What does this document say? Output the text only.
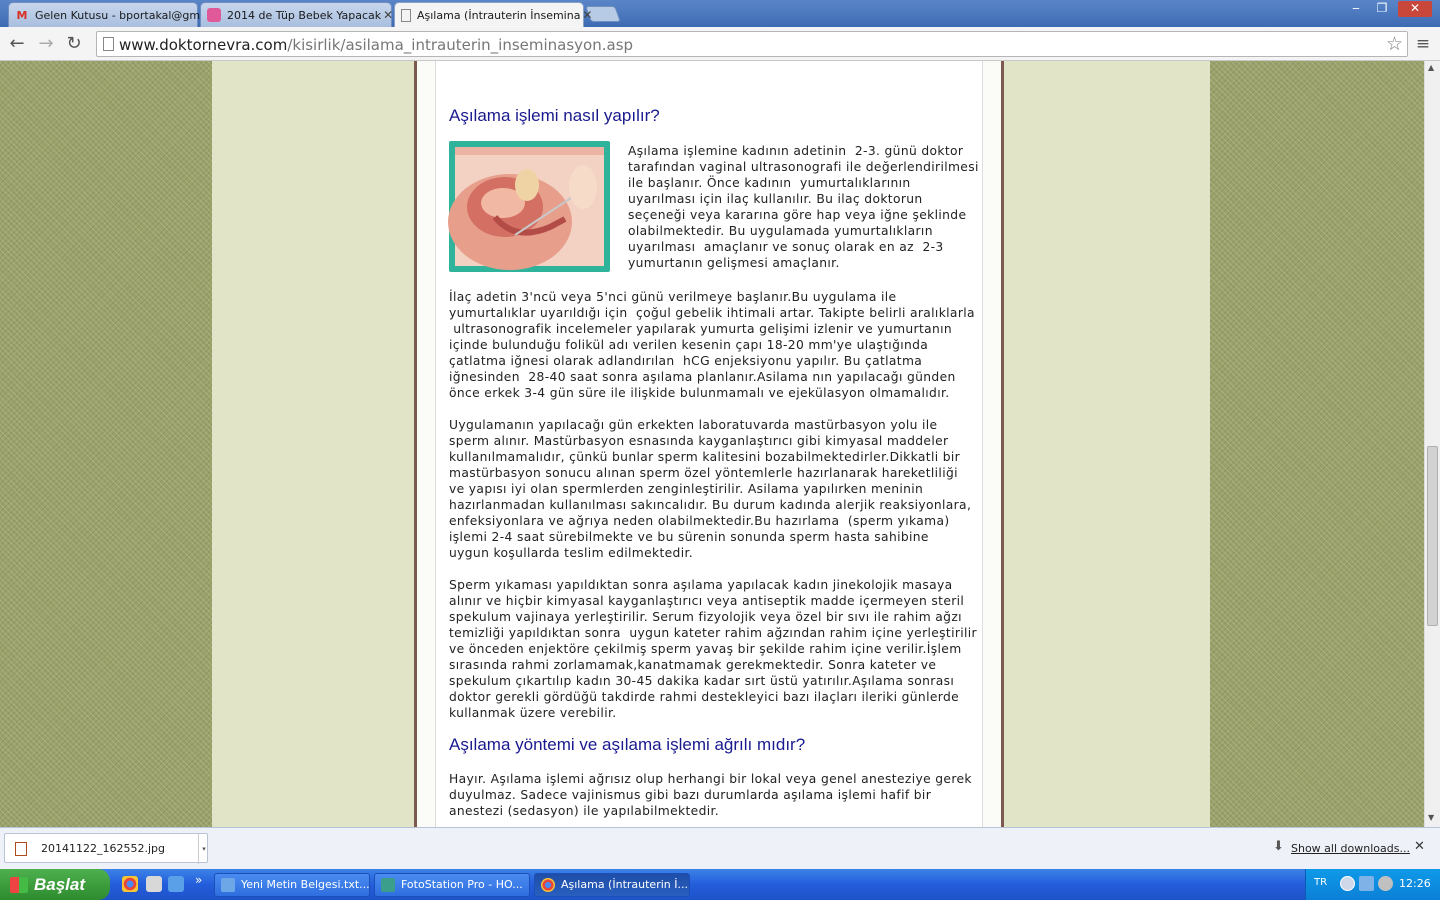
M Gelen Kutusu - bportakal@gm 2014 de Tüp Bebek Yapacak ✕ Aşılama (İntrauterin İnsemina ✕	‒	❐	✕
← → ↻ www.doktornevra.com/kisirlik/asilama_intrauterin_inseminasyon.asp	☆ ≡
Aşılama işlemi nasıl yapılır?
Aşılama işlemine kadının adetinin  2-3. günü doktor
tarafından vaginal ultrasonografi ile değerlendirilmesi
ile başlanır. Önce kadının  yumurtalıklarının
uyarılması için ilaç kullanılır. Bu ilaç doktorun
seçeneği veya kararına göre hap veya iğne şeklinde
olabilmektedir. Bu uygulamada yumurtalıkların
uyarılması  amaçlanır ve sonuç olarak en az  2-3
yumurtanın gelişmesi amaçlanır.
İlaç adetin 3'ncü veya 5'nci günü verilmeye başlanır.Bu uygulama ile
yumurtalıklar uyarıldığı için  çoğul gebelik ihtimali artar. Takipte belirli aralıklarla
ultrasonografik incelemeler yapılarak yumurta gelişimi izlenir ve yumurtanın
içinde bulunduğu folikül adı verilen kesenin çapı 18-20 mm'ye ulaştığında
çatlatma iğnesi olarak adlandırılan  hCG enjeksiyonu yapılır. Bu çatlatma
iğnesinden  28-40 saat sonra aşılama planlanır.Asilama nın yapılacağı günden
önce erkek 3-4 gün süre ile ilişkide bulunmamalı ve ejekülasyon olmamalıdır.
Uygulamanın yapılacağı gün erkekten laboratuvarda mastürbasyon yolu ile
sperm alınır. Mastürbasyon esnasında kayganlaştırıcı gibi kimyasal maddeler
kullanılmamalıdır, çünkü bunlar sperm kalitesini bozabilmektedirler.Dikkatli bir
mastürbasyon sonucu alınan sperm özel yöntemlerle hazırlanarak hareketliliği
ve yapısı iyi olan spermlerden zenginleştirilir. Asilama yapılırken meninin
hazırlanmadan kullanılması sakıncalıdır. Bu durum kadında alerjik reaksiyonlara,
enfeksiyonlara ve ağrıya neden olabilmektedir.Bu hazırlama  (sperm yıkama)
işlemi 2-4 saat sürebilmekte ve bu sürenin sonunda sperm hasta sahibine
uygun koşullarda teslim edilmektedir.
Sperm yıkaması yapıldıktan sonra aşılama yapılacak kadın jinekolojik masaya
alınır ve hiçbir kimyasal kayganlaştırıcı veya antiseptik madde içermeyen steril
spekulum vajinaya yerleştirilir. Serum fizyolojik veya özel bir sıvı ile rahim ağzı
temizliği yapıldıktan sonra  uygun kateter rahim ağzından rahim içine yerleştirilir
ve önceden enjektöre çekilmiş sperm yavaş bir şekilde rahim içine verilir.İşlem
sırasında rahmi zorlamamak,kanatmamak gerekmektedir. Sonra kateter ve
spekulum çıkartılıp kadın 30-45 dakika kadar sırt üstü yatırılır.Aşılama sonrası
doktor gerekli gördüğü takdirde rahmi destekleyici bazı ilaçları ileriki günlerde
kullanmak üzere verebilir.
Aşılama yöntemi ve aşılama işlemi ağrılı mıdır?
Hayır. Aşılama işlemi ağrısız olup herhangi bir lokal veya genel anesteziye gerek
duyulmaz. Sadece vajinismus gibi bazı durumlarda aşılama işlemi hafif bir
anestezi (sedasyon) ile yapılabilmektedir.
▲
▼
20141122_162552.jpg	▾	⬇ Show all downloads... ✕
Başlat	»	Yeni Metin Belgesi.txt...	FotoStation Pro - HO...	Aşılama (İntrauterin İ...	TR	12:26
